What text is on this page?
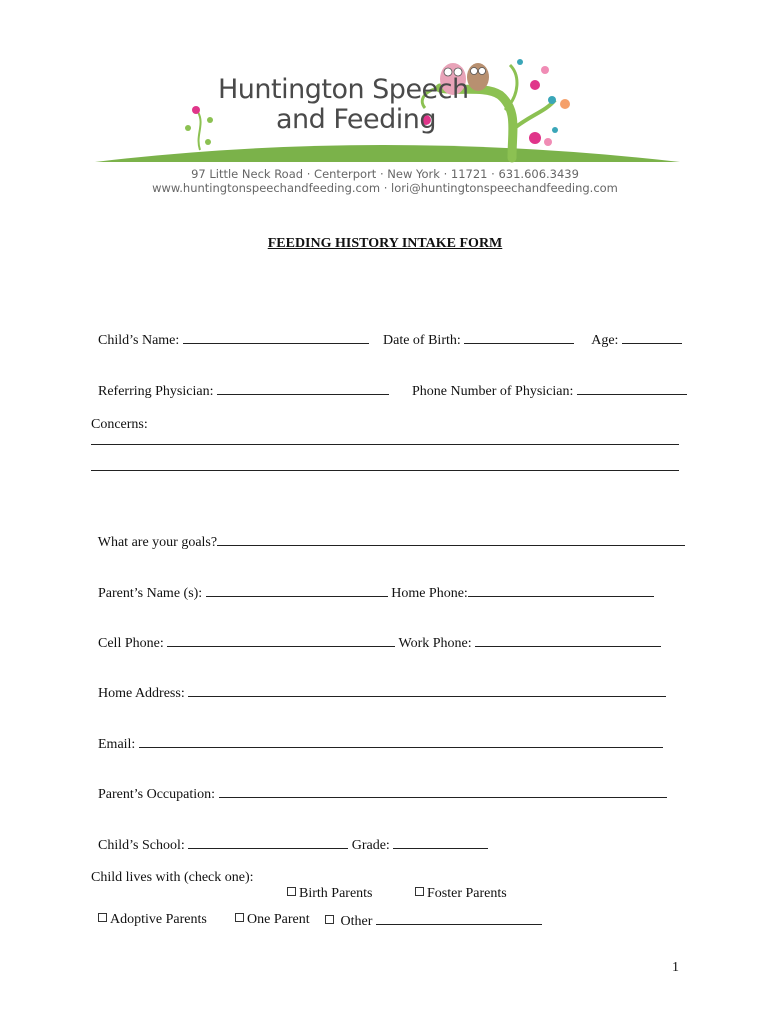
Huntington Speech
and Feeding
97 Little Neck Road · Centerport · New York · 11721 · 631.606.3439
www.huntingtonspeechandfeeding.com · lori@huntingtonspeechandfeeding.com
FEEDING HISTORY INTAKE FORM

Child’s Name:	Date of Birth:	Age:

Referring Physician:	Phone Number of Physician:

Concerns:

What are your goals?

Parent’s Name (s):	Home Phone:

Cell Phone:	Work Phone:

Home Address:

Email:

Parent’s Occupation:

Child’s School:	Grade:

Child lives with (check one):

Birth Parents	Foster Parents

Adoptive Parents	One Parent	Other

1
